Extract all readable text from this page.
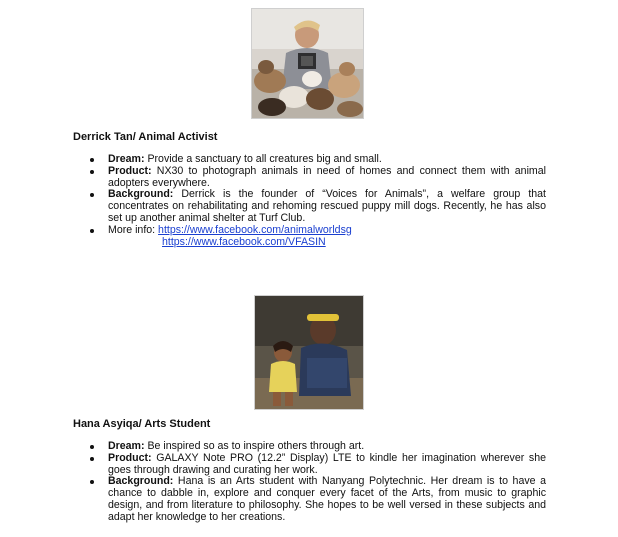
Derrick Tan/ Animal Activist

Dream: Provide a sanctuary to all creatures big and small.
Product: NX30 to photograph animals in need of homes and connect them with animal adopters everywhere.
Background: Derrick is the founder of “Voices for Animals”, a welfare group that concentrates on rehabilitating and rehoming rescued puppy mill dogs. Recently, he has also set up another animal shelter at Turf Club.
More info: https://www.facebook.com/animalworldsg
https://www.facebook.com/VFASIN

Hana Asyiqa/ Arts Student

Dream: Be inspired so as to inspire others through art.
Product: GALAXY Note PRO (12.2” Display) LTE to kindle her imagination wherever she goes through drawing and curating her work.
Background: Hana is an Arts student with Nanyang Polytechnic. Her dream is to have a chance to dabble in, explore and conquer every facet of the Arts, from music to graphic design, and from literature to philosophy. She hopes to be well versed in these subjects and adapt her knowledge to her creations.
